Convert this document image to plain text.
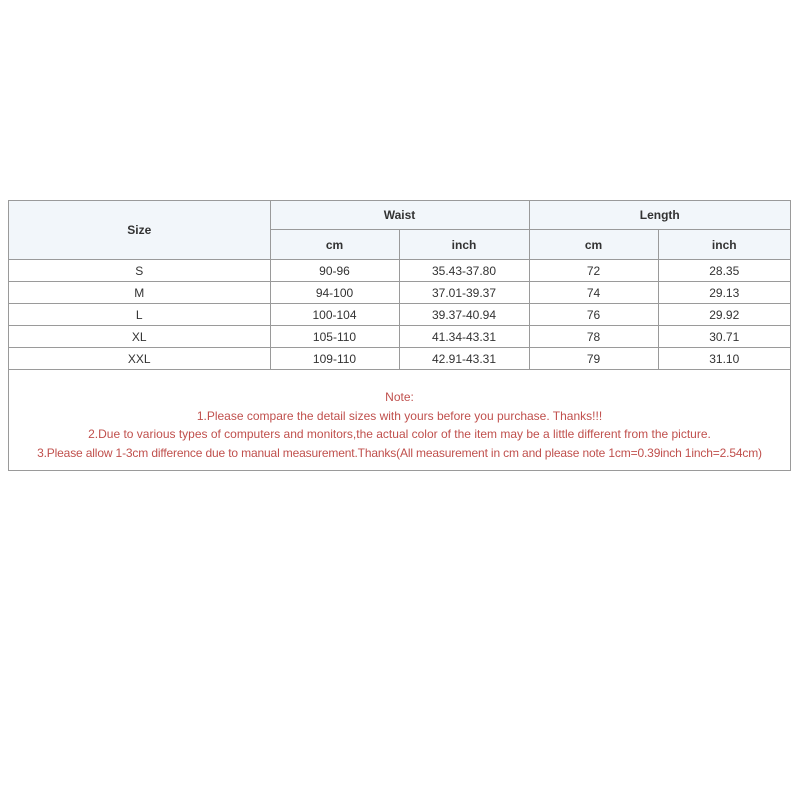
Size	Waist		Length	
	cm	inch	cm	inch
S	90-96	35.43-37.80	72	28.35
M	94-100	37.01-39.37	74	29.13
L	100-104	39.37-40.94	76	29.92
XL	105-110	41.34-43.31	78	30.71
XXL	109-110	42.91-43.31	79	31.10
Note:
1.Please compare the detail sizes with yours before you purchase. Thanks!!!
2.Due to various types of computers and monitors,the actual color of the item may be a little different from the picture.
3.Please allow 1-3cm difference due to manual measurement.Thanks(All measurement in cm and please note 1cm=0.39inch 1inch=2.54cm)
